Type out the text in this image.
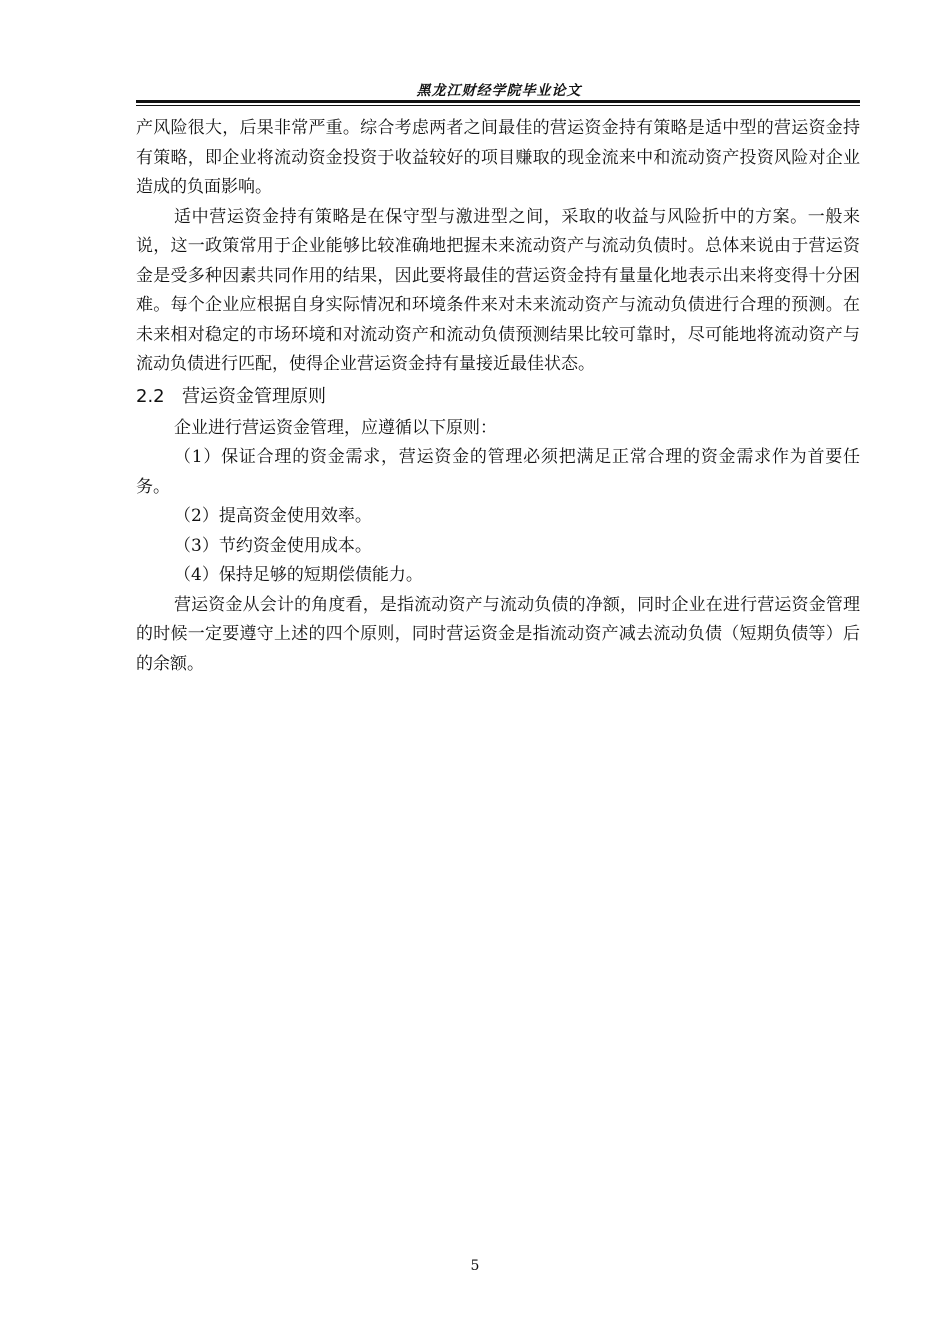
黑龙江财经学院毕业论文

产风险很大，后果非常严重。综合考虑两者之间最佳的营运资金持有策略是适中型的营运资金持有策略，即企业将流动资金投资于收益较好的项目赚取的现金流来中和流动资产投资风险对企业造成的负面影响。

适中营运资金持有策略是在保守型与激进型之间，采取的收益与风险折中的方案。一般来说，这一政策常用于企业能够比较准确地把握未来流动资产与流动负债时。总体来说由于营运资金是受多种因素共同作用的结果，因此要将最佳的营运资金持有量量化地表示出来将变得十分困难。每个企业应根据自身实际情况和环境条件来对未来流动资产与流动负债进行合理的预测。在未来相对稳定的市场环境和对流动资产和流动负债预测结果比较可靠时，尽可能地将流动资产与流动负债进行匹配，使得企业营运资金持有量接近最佳状态。

2.2 营运资金管理原则

企业进行营运资金管理，应遵循以下原则：

（1）保证合理的资金需求，营运资金的管理必须把满足正常合理的资金需求作为首要任务。

（2）提高资金使用效率。

（3）节约资金使用成本。

（4）保持足够的短期偿债能力。

营运资金从会计的角度看，是指流动资产与流动负债的净额，同时企业在进行营运资金管理的时候一定要遵守上述的四个原则，同时营运资金是指流动资产减去流动负债（短期负债等）后的余额。

5
